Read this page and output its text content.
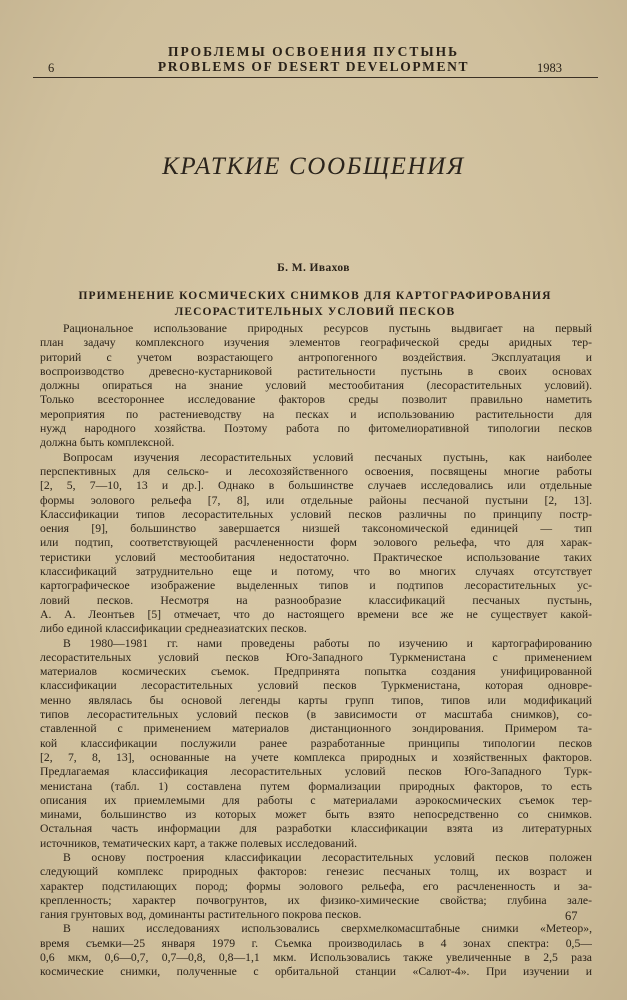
ПРОБЛЕМЫ ОСВОЕНИЯ ПУСТЫНЬ
6	PROBLEMS OF DESERT DEVELOPMENT	1983
КРАТКИЕ СООБЩЕНИЯ
Б. М. Ивахов
ПРИМЕНЕНИЕ КОСМИЧЕСКИХ СНИМКОВ ДЛЯ КАРТОГРАФИРОВАНИЯ
ЛЕСОРАСТИТЕЛЬНЫХ УСЛОВИЙ ПЕСКОВ
Рациональное использование природных ресурсов пустынь выдвигает на первый
план задачу комплексного изучения элементов географической среды аридных тер-
риторий с учетом возрастающего антропогенного воздействия. Эксплуатация и
воспроизводство древесно-кустарниковой растительности пустынь в своих основах
должны опираться на знание условий местообитания (лесорастительных условий).
Только всестороннее исследование факторов среды позволит правильно наметить
мероприятия по растениеводству на песках и использованию растительности для
нужд народного хозяйства. Поэтому работа по фитомелиоративной типологии песков
должна быть комплексной.
Вопросам изучения лесорастительных условий песчаных пустынь, как наиболее
перспективных для сельско- и лесохозяйственного освоения, посвящены многие работы
[2, 5, 7—10, 13 и др.]. Однако в большинстве случаев исследовались или отдельные
формы эолового рельефа [7, 8], или отдельные районы песчаной пустыни [2, 13].
Классификации типов лесорастительных условий песков различны по принципу постр-
оения [9], большинство завершается низшей таксономической единицей — тип
или подтип, соответствующей расчлененности форм эолового рельефа, что для харак-
теристики условий местообитания недостаточно. Практическое использование таких
классификаций затруднительно еще и потому, что во многих случаях отсутствует
картографическое изображение выделенных типов и подтипов лесорастительных ус-
ловий песков. Несмотря на разнообразие классификаций песчаных пустынь,
А. А. Леонтьев [5] отмечает, что до настоящего времени все же не существует какой-
либо единой классификации среднеазиатских песков.
В 1980—1981 гг. нами проведены работы по изучению и картографированию
лесорастительных условий песков Юго-Западного Туркменистана с применением
материалов космических съемок. Предпринята попытка создания унифицированной
классификации лесорастительных условий песков Туркменистана, которая одновре-
менно являлась бы основой легенды карты групп типов, типов или модификаций
типов лесорастительных условий песков (в зависимости от масштаба снимков), со-
ставленной с применением материалов дистанционного зондирования. Примером та-
кой классификации послужили ранее разработанные принципы типологии песков
[2, 7, 8, 13], основанные на учете комплекса природных и хозяйственных факторов.
Предлагаемая классификация лесорастительных условий песков Юго-Западного Турк-
менистана (табл. 1) составлена путем формализации природных факторов, то есть
описания их приемлемыми для работы с материалами аэрокосмических съемок тер-
минами, большинство из которых может быть взято непосредственно со снимков.
Остальная часть информации для разработки классификации взята из литературных
источников, тематических карт, а также полевых исследований.
В основу построения классификации лесорастительных условий песков положен
следующий комплекс природных факторов: генезис песчаных толщ, их возраст и
характер подстилающих пород; формы эолового рельефа, его расчлененность и за-
крепленность; характер почвогрунтов, их физико-химические свойства; глубина зале-
гания грунтовых вод, доминанты растительного покрова песков.
В наших исследованиях использовались сверхмелкомасштабные снимки «Метеор»,
время съемки—25 января 1979 г. Съемка производилась в 4 зонах спектра: 0,5—
0,6 мкм, 0,6—0,7, 0,7—0,8, 0,8—1,1 мкм. Использовались также увеличенные в 2,5 раза
космические снимки, полученные с орбитальной станции «Салют-4». При изучении и
67
